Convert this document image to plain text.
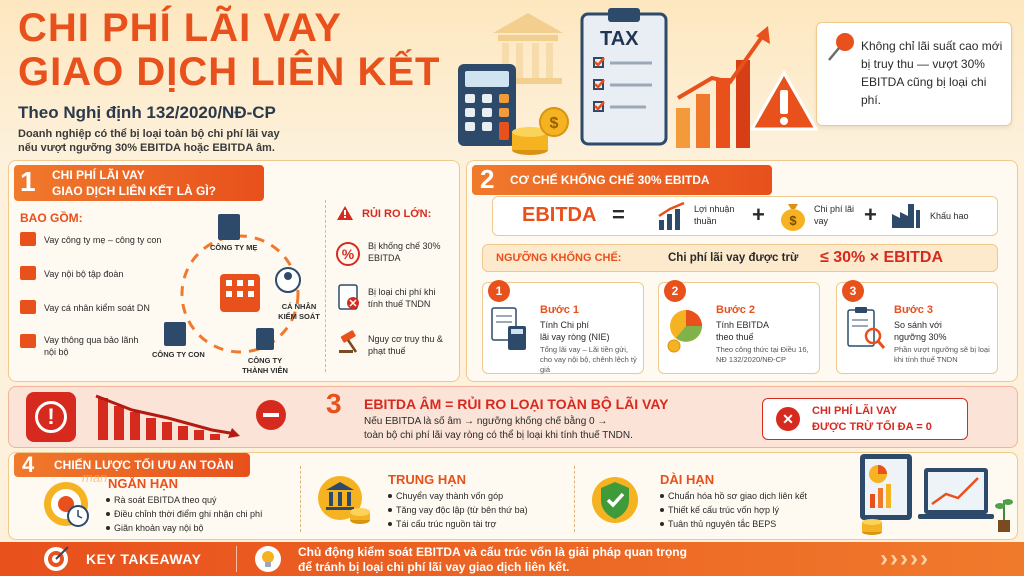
CHI PHÍ LÃI VAY
GIAO DỊCH LIÊN KẾT
Theo Nghị định 132/2020/NĐ-CP
Doanh nghiệp có thể bị loại toàn bộ chi phí lãi vay
nếu vượt ngưỡng 30% EBITDA hoặc EBITDA âm.
$
TAX	Không chỉ lãi suất cao mới bị truy thu — vượt 30% EBITDA cũng bị loại chi phí.
1 CHI PHÍ LÃI VAY
GIAO DỊCH LIÊN KẾT LÀ GÌ?
BAO GỒM:
Vay công ty mẹ – công ty con
Vay nội bộ tập đoàn
Vay cá nhân kiểm soát DN
Vay thông qua bảo lãnh nội bộ
CÔNG TY MẸ
CÁ NHÂN KIỂM SOÁT
CÔNG TY CON
CÔNG TY THÀNH VIÊN
RỦI RO LỚN:
%	Bị khống chế 30% EBITDA
Bị loại chi phí khi tính thuế TNDN
Nguy cơ truy thu & phạt thuế
2 CƠ CHẾ KHỐNG CHẾ 30% EBITDA
EBITDA =	Lợi nhuận thuần	+ $
Chi phí lãi vay	+	Khấu hao
NGƯỠNG KHỐNG CHẾ:	Chi phí lãi vay được trừ ≤ 30% × EBITDA
1
Bước 1
Tính Chi phí
lãi vay ròng (NIE)
Tổng lãi vay – Lãi tiền gửi, cho vay nội bộ, chênh lệch tỷ giá
2
Bước 2
Tính EBITDA
theo thuế
Theo công thức tại Điều 16, NĐ 132/2020/NĐ-CP
3
Bước 3
So sánh với
ngưỡng 30%
Phần vượt ngưỡng sẽ bị loại khi tính thuế TNDN
!	3 EBITDA ÂM = RỦI RO LOẠI TOÀN BỘ LÃI VAY
Nếu EBITDA là số âm → ngưỡng khống chế bằng 0 →
toàn bộ chi phí lãi vay ròng có thể bị loại khi tính thuế TNDN.
✕	CHI PHÍ LÃI VAY
ĐƯỢC TRỪ TỐI ĐA = 0
4 CHIẾN LƯỢC TỐI ƯU AN TOÀN
man NGẮN HẠN
Rà soát EBITDA theo quý
Điều chỉnh thời điểm ghi nhận chi phí
Giãn khoản vay nội bộ
TRUNG HẠN
Chuyển vay thành vốn góp
Tăng vay độc lập (từ bên thứ ba)
Tái cấu trúc nguồn tài trợ
DÀI HẠN
Chuẩn hóa hồ sơ giao dịch liên kết
Thiết kế cấu trúc vốn hợp lý
Tuân thủ nguyên tắc BEPS
KEY TAKEAWAY	Chủ động kiểm soát EBITDA và cấu trúc vốn là giải pháp quan trọng
để tránh bị loại chi phí lãi vay giao dịch liên kết.	›››››
